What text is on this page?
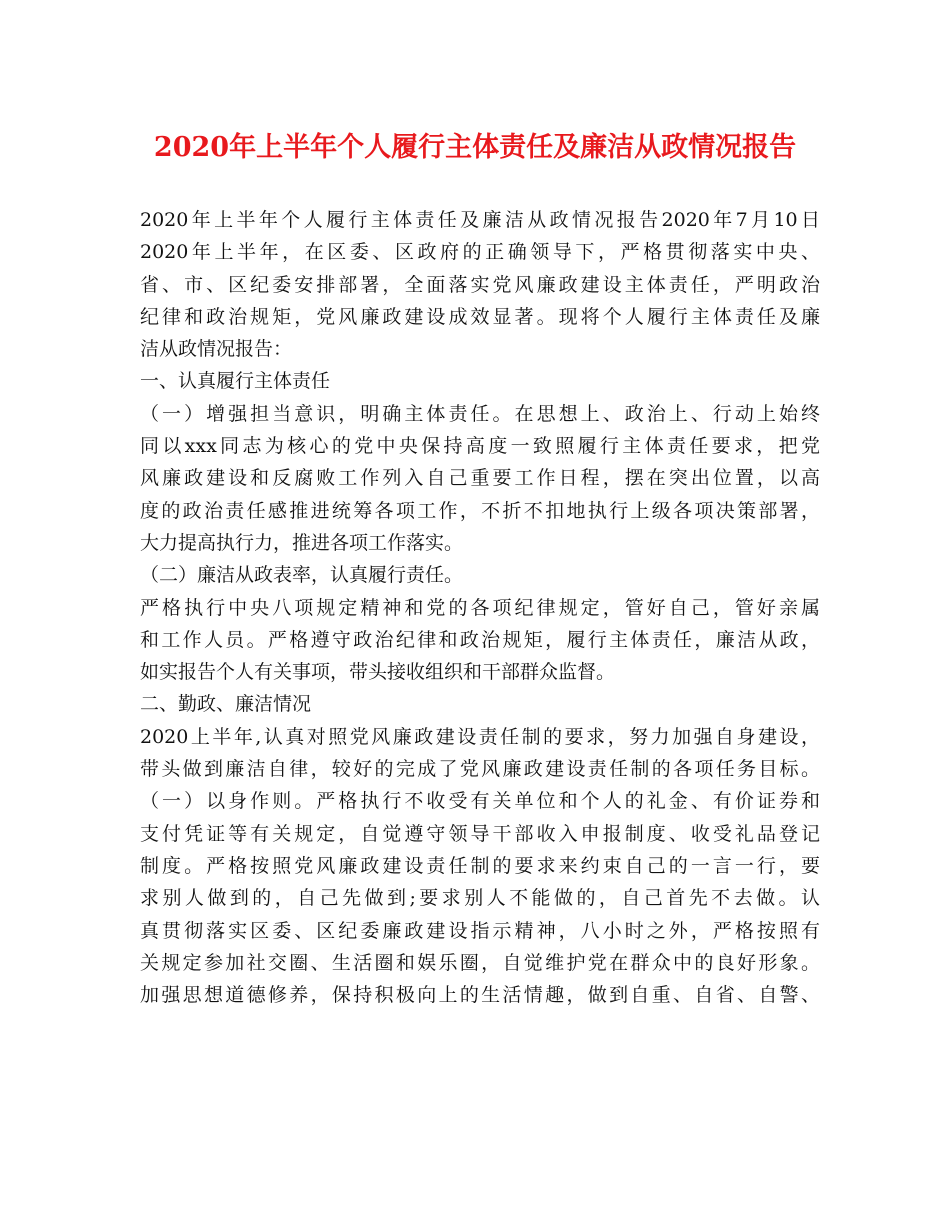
2020年上半年个人履行主体责任及廉洁从政情况报告
2020年上半年个人履行主体责任及廉洁从政情况报告2020年7月10日
2020年上半年，在区委、区政府的正确领导下，严格贯彻落实中央、
省、市、区纪委安排部署，全面落实党风廉政建设主体责任，严明政治
纪律和政治规矩，党风廉政建设成效显著。现将个人履行主体责任及廉
洁从政情况报告：
一、认真履行主体责任
（一）增强担当意识，明确主体责任。在思想上、政治上、行动上始终
同以xxx同志为核心的党中央保持高度一致照履行主体责任要求，把党
风廉政建设和反腐败工作列入自己重要工作日程，摆在突出位置，以高
度的政治责任感推进统筹各项工作，不折不扣地执行上级各项决策部署，
大力提高执行力，推进各项工作落实。
（二）廉洁从政表率，认真履行责任。
严格执行中央八项规定精神和党的各项纪律规定，管好自己，管好亲属
和工作人员。严格遵守政治纪律和政治规矩，履行主体责任，廉洁从政，
如实报告个人有关事项，带头接收组织和干部群众监督。
二、勤政、廉洁情况
2020上半年,认真对照党风廉政建设责任制的要求，努力加强自身建设，
带头做到廉洁自律，较好的完成了党风廉政建设责任制的各项任务目标。
（一）以身作则。严格执行不收受有关单位和个人的礼金、有价证券和
支付凭证等有关规定，自觉遵守领导干部收入申报制度、收受礼品登记
制度。严格按照党风廉政建设责任制的要求来约束自己的一言一行，要
求别人做到的，自己先做到;要求别人不能做的，自己首先不去做。认
真贯彻落实区委、区纪委廉政建设指示精神，八小时之外，严格按照有
关规定参加社交圈、生活圈和娱乐圈，自觉维护党在群众中的良好形象。
加强思想道德修养，保持积极向上的生活情趣，做到自重、自省、自警、
